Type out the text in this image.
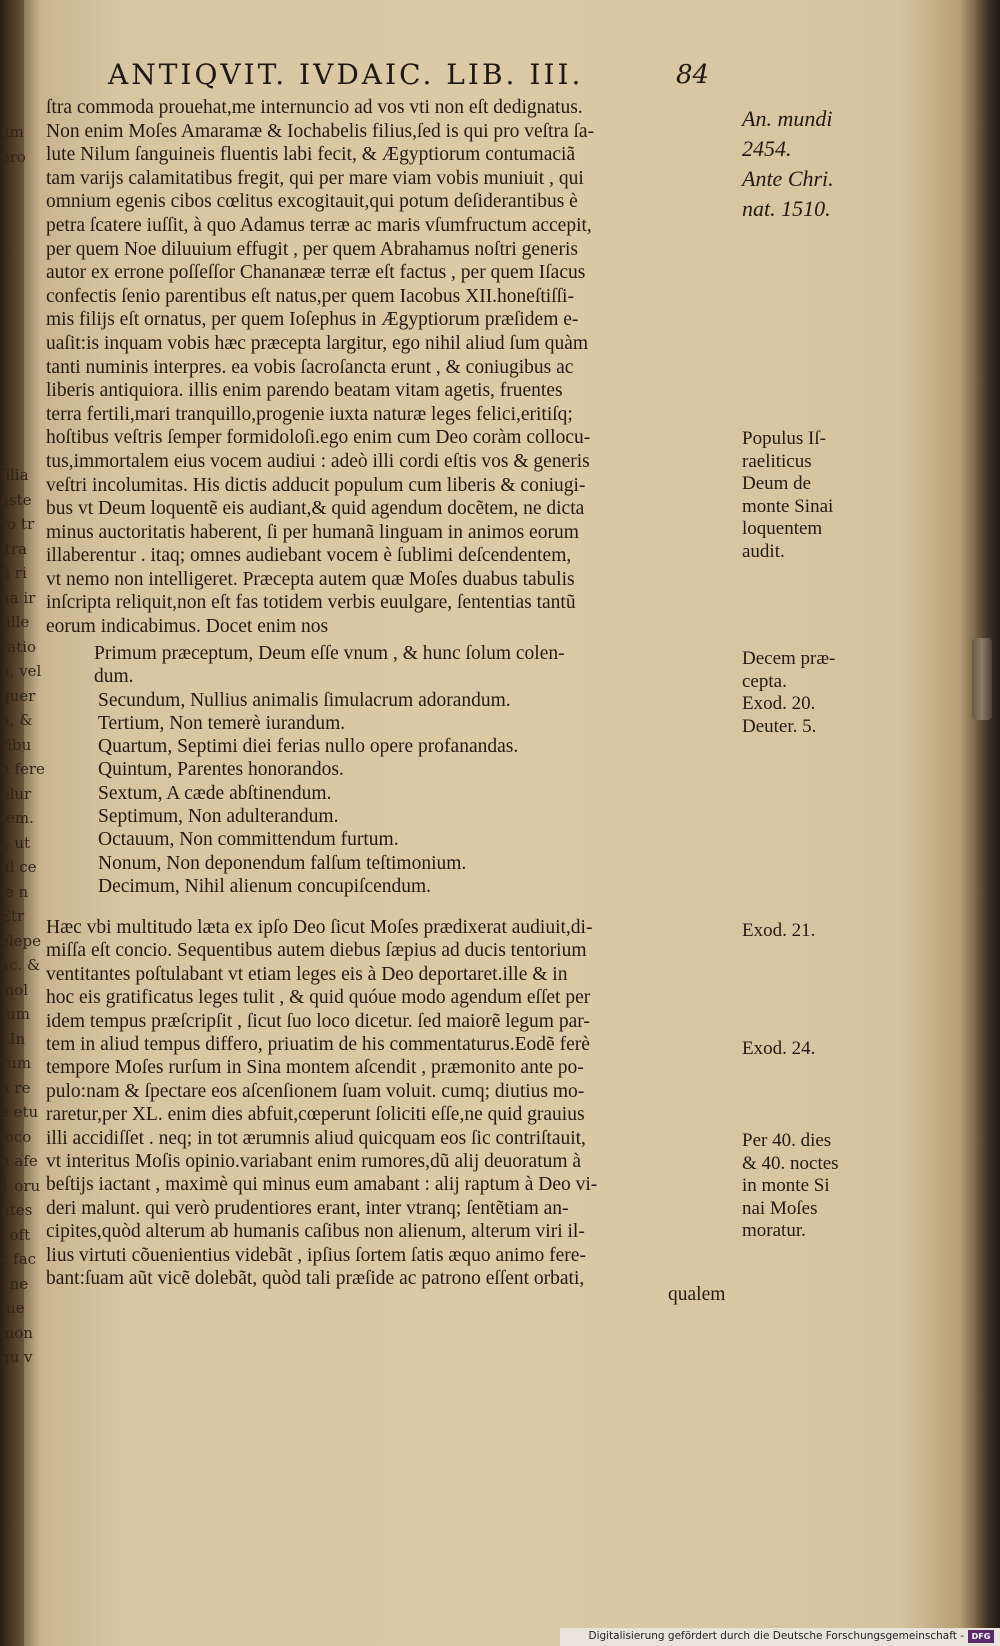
um
pro
filia
aste
ro tr
ltra
fi ri
ua ir
tille
ratio
n, vel
quer
n, &
ribu
n fere
plur
tem.
i, ut
ul ce
ie n
Etr
elepe
ac. &
mol
tum
. In
rum
n re
e etu
loco
n afe
1 oru
ntes
, oft
c fac
, ne
tue
mon
gu v
ANTIQVIT. IVDAIC. LIB. III.	84
ſtra commoda prouehat,me internuncio ad vos vti non eſt dedignatus.
Non enim Moſes Amaramæ & Iochabelis filius,ſed is qui pro veſtra ſa-
lute Nilum ſanguineis fluentis labi fecit, & Ægyptiorum contumaciã
tam varijs calamitatibus fregit, qui per mare viam vobis muniuit , qui
omnium egenis cibos cœlitus excogitauit,qui potum deſiderantibus è
petra ſcatere iuſſit, à quo Adamus terræ ac maris vſumfructum accepit,
per quem Noe diluuium effugit , per quem Abrahamus noſtri generis
autor ex errone poſſeſſor Chananææ terræ eſt factus , per quem Iſacus
confectis ſenio parentibus eſt natus,per quem Iacobus XII.honeſtiſſi-
mis filijs eſt ornatus, per quem Ioſephus in Ægyptiorum præſidem e-
uaſit:is inquam vobis hæc præcepta largitur, ego nihil aliud ſum quàm
tanti numinis interpres. ea vobis ſacroſancta erunt , & coniugibus ac
liberis antiquiora. illis enim parendo beatam vitam agetis, fruentes
terra fertili,mari tranquillo,progenie iuxta naturæ leges felici,eritiſq;
hoſtibus veſtris ſemper formidoloſi.ego enim cum Deo coràm collocu-
tus,immortalem eius vocem audiui : adeò illi cordi eſtis vos & generis
veſtri incolumitas. His dictis adducit populum cum liberis & coniugi-
bus vt Deum loquentẽ eis audiant,& quid agendum docẽtem, ne dicta
minus auctoritatis haberent, ſi per humanã linguam in animos eorum
illaberentur . itaq; omnes audiebant vocem è ſublimi deſcendentem,
vt nemo non intelligeret. Præcepta autem quæ Moſes duabus tabulis
inſcripta reliquit,non eſt fas totidem verbis euulgare, ſententias tantũ
eorum indicabimus. Docet enim nos
Primum præceptum, Deum eſſe vnum , & hunc ſolum colen-
dum.
Secundum, Nullius animalis ſimulacrum adorandum.
Tertium, Non temerè iurandum.
Quartum, Septimi diei ferias nullo opere profanandas.
Quintum, Parentes honorandos.
Sextum, A cæde abſtinendum.
Septimum, Non adulterandum.
Octauum, Non committendum furtum.
Nonum, Non deponendum falſum teſtimonium.
Decimum, Nihil alienum concupiſcendum.
Hæc vbi multitudo læta ex ipſo Deo ſicut Moſes prædixerat audiuit,di-
miſſa eſt concio. Sequentibus autem diebus ſæpius ad ducis tentorium
ventitantes poſtulabant vt etiam leges eis à Deo deportaret.ille & in
hoc eis gratificatus leges tulit , & quid quóue modo agendum eſſet per
idem tempus præſcripſit , ſicut ſuo loco dicetur. ſed maiorẽ legum par-
tem in aliud tempus differo, priuatim de his commentaturus.Eodẽ ferè
tempore Moſes rurſum in Sina montem aſcendit , præmonito ante po-
pulo:nam & ſpectare eos aſcenſionem ſuam voluit. cumq; diutius mo-
raretur,per XL. enim dies abfuit,cœperunt ſoliciti eſſe,ne quid grauius
illi accidiſſet . neq; in tot ærumnis aliud quicquam eos ſic contriſtauit,
vt interitus Moſis opinio.variabant enim rumores,dũ alij deuoratum à
beſtijs iactant , maximè qui minus eum amabant : alij raptum à Deo vi-
deri malunt. qui verò prudentiores erant, inter vtranq; ſentẽtiam an-
cipites,quòd alterum ab humanis caſibus non alienum, alterum viri il-
lius virtuti cõuenientius videbãt , ipſius ſortem ſatis æquo animo fere-
bant:ſuam aũt vicẽ dolebãt, quòd tali præſide ac patrono eſſent orbati,
qualem
An. mundi
2454.
Ante Chri.
nat. 1510.
Populus Iſ-
raeliticus
Deum de
monte Sinai
loquentem
audit.
Decem præ-
cepta.
Exod. 20.
Deuter. 5.
Exod. 21.
Exod. 24.
Per 40. dies
& 40. noctes
in monte Si
nai Moſes
moratur.
Digitalisierung gefördert durch die Deutsche Forschungsgemeinschaft - DFG
